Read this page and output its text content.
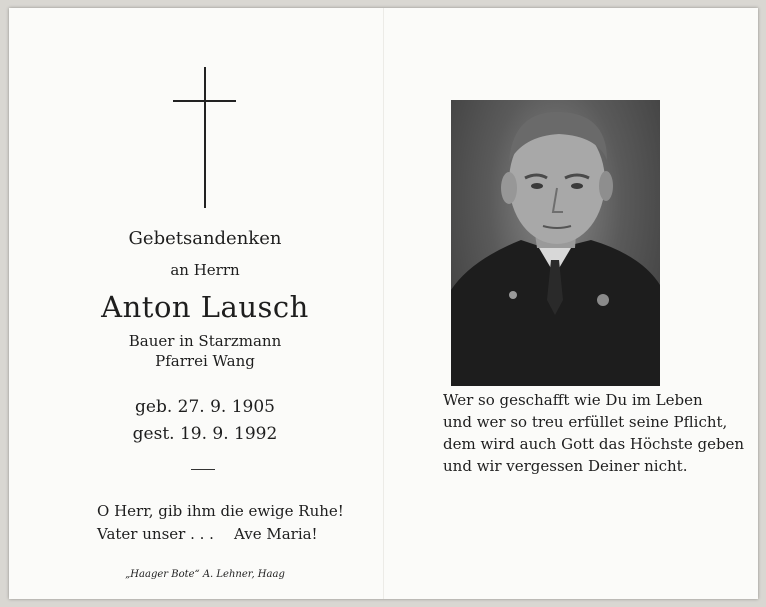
Gebetsandenken
an Herrn
Anton Lausch
Bauer in Starzmann
Pfarrei Wang
geb. 27. 9. 1905
gest. 19. 9. 1992
O Herr, gib ihm die ewige Ruhe!
Vater unser . . . Ave Maria!
„Haager Bote“ A. Lehner, Haag
Wer so geschafft wie Du im Leben
und wer so treu erfüllet seine Pflicht,
dem wird auch Gott das Höchste geben
und wir vergessen Deiner nicht.
